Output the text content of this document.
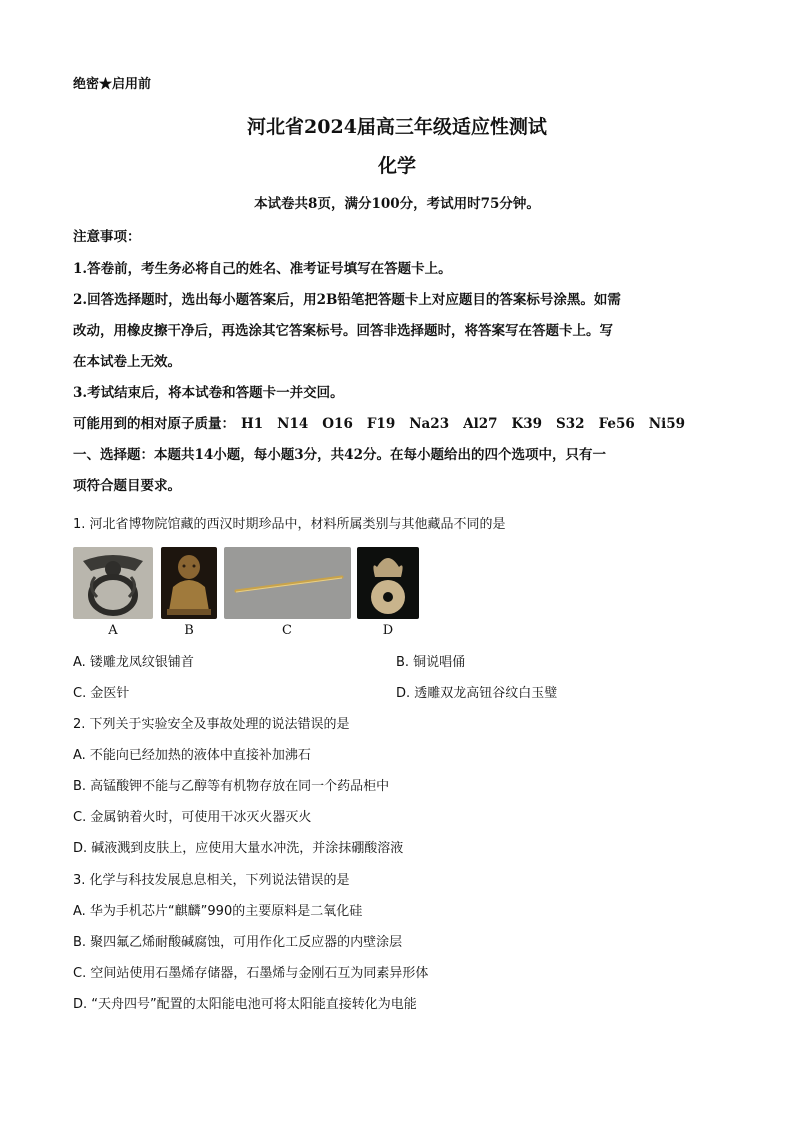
绝密★启用前
河北省2024届高三年级适应性测试
化学
本试卷共8页，满分100分，考试用时75分钟。
注意事项：
1.答卷前，考生务必将自己的姓名、准考证号填写在答题卡上。
2.回答选择题时，选出每小题答案后，用2B铅笔把答题卡上对应题目的答案标号涂黑。如需
改动，用橡皮擦干净后，再选涂其它答案标号。回答非选择题时，将答案写在答题卡上。写
在本试卷上无效。
3.考试结束后，将本试卷和答题卡一并交回。
可能用到的相对原子质量： H1 N14 O16 F19 Na23 Al27 K39 S32 Fe56 Ni59
一、选择题：本题共14小题，每小题3分，共42分。在每小题给出的四个选项中，只有一
项符合题目要求。
1. 河北省博物院馆藏的西汉时期珍品中，材料所属类别与其他藏品不同的是
A	B	C	D
A. 镂雕龙凤纹银铺首	B. 铜说唱俑
C. 金医针	D. 透雕双龙高钮谷纹白玉璧
2. 下列关于实验安全及事故处理的说法错误的是
A. 不能向已经加热的液体中直接补加沸石
B. 高锰酸钾不能与乙醇等有机物存放在同一个药品柜中
C. 金属钠着火时，可使用干冰灭火器灭火
D. 碱液溅到皮肤上，应使用大量水冲洗，并涂抹硼酸溶液
3. 化学与科技发展息息相关，下列说法错误的是
A. 华为手机芯片“麒麟”990的主要原料是二氧化硅
B. 聚四氟乙烯耐酸碱腐蚀，可用作化工反应器的内壁涂层
C. 空间站使用石墨烯存储器，石墨烯与金刚石互为同素异形体
D. “天舟四号”配置的太阳能电池可将太阳能直接转化为电能
